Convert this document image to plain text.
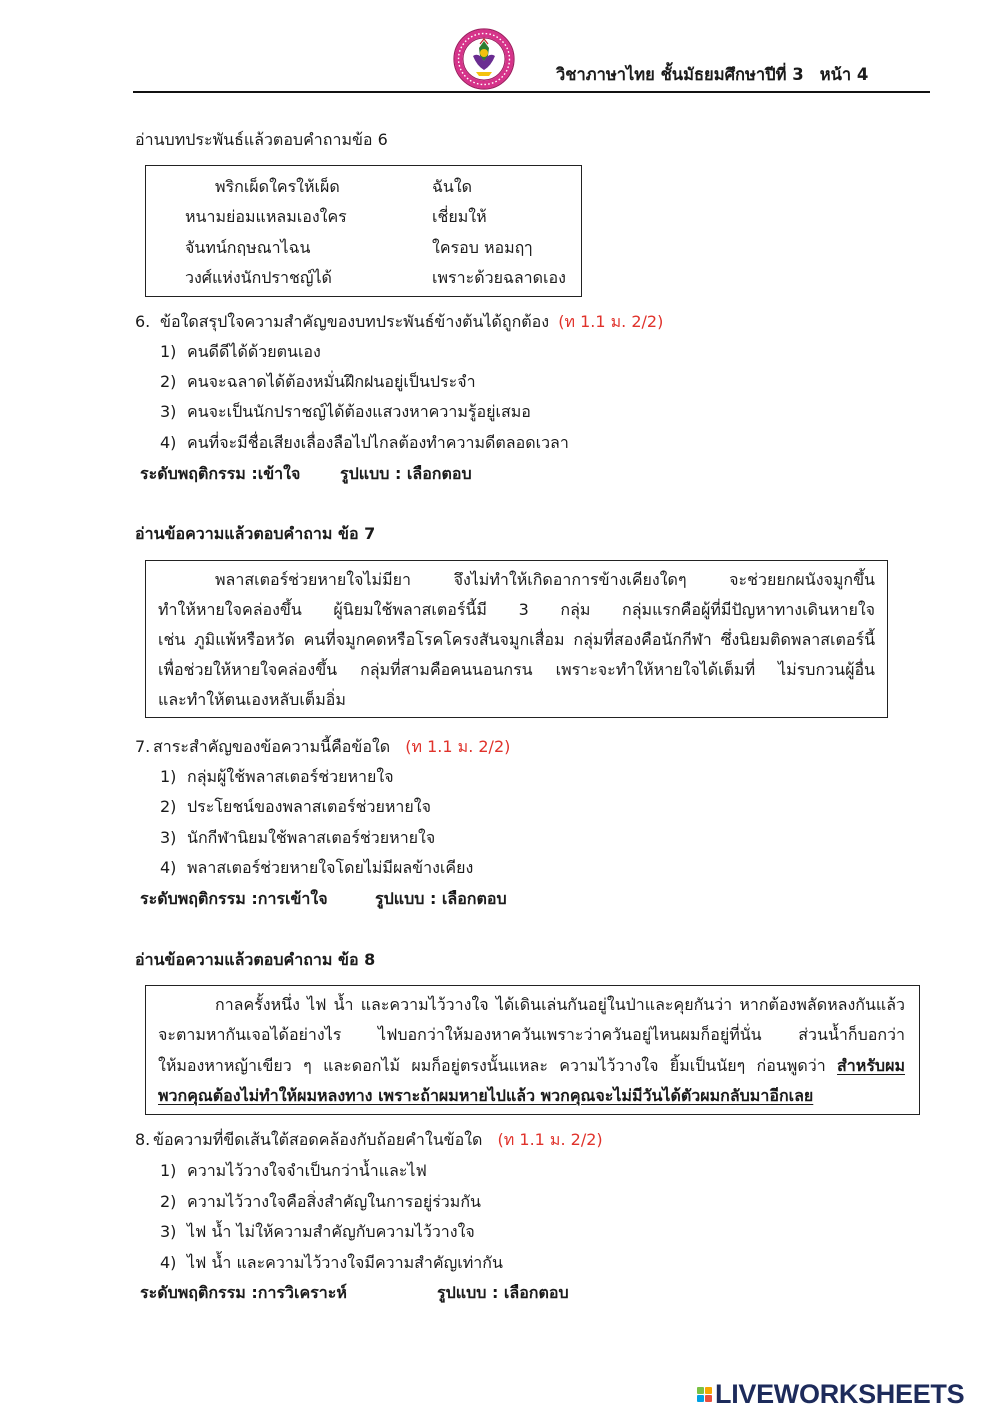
วิชาภาษาไทย ชั้นมัธยมศึกษาปีที่ 3 หน้า 4
อ่านบทประพันธ์แล้วตอบคำถามข้อ 6
พริกเผ็ดใครให้เผ็ด	ฉันใด
หนามย่อมแหลมเองใคร	เชี่ยมให้
จันทน์กฤษณาไฉน	ใครอบ หอมฤๅ
วงศ์แห่งนักปราชญ์ได้	เพราะด้วยฉลาดเอง
6. ข้อใดสรุปใจความสำคัญของบทประพันธ์ข้างต้นได้ถูกต้อง (ท 1.1 ม. 2/2)
1) คนดีดีได้ด้วยตนเอง
2) คนจะฉลาดได้ต้องหมั่นฝึกฝนอยู่เป็นประจำ
3) คนจะเป็นนักปราชญ์ได้ต้องแสวงหาความรู้อยู่เสมอ
4) คนที่จะมีชื่อเสียงเลื่องลือไปไกลต้องทำความดีตลอดเวลา
ระดับพฤติกรรม :เข้าใจ รูปแบบ : เลือกตอบ
อ่านข้อความแล้วตอบคำถาม ข้อ 7
พลาสเตอร์ช่วยหายใจไม่มียา จึงไม่ทำให้เกิดอาการข้างเคียงใดๆ จะช่วยยกผนังจมูกขึ้น
ทำให้หายใจคล่องขึ้น ผู้นิยมใช้พลาสเตอร์นี้มี 3 กลุ่ม กลุ่มแรกคือผู้ที่มีปัญหาทางเดินหายใจ
เช่น ภูมิแพ้หรือหวัด คนที่จมูกคดหรือโรคโครงสันจมูกเสื่อม กลุ่มที่สองคือนักกีฬา ซึ่งนิยมติดพลาสเตอร์นี้
เพื่อช่วยให้หายใจคล่องขึ้น กลุ่มที่สามคือคนนอนกรน เพราะจะทำให้หายใจได้เต็มที่ ไม่รบกวนผู้อื่น
และทำให้ตนเองหลับเต็มอิ่ม
7. สาระสำคัญของข้อความนี้คือข้อใด (ท 1.1 ม. 2/2)
1) กลุ่มผู้ใช้พลาสเตอร์ช่วยหายใจ
2) ประโยชน์ของพลาสเตอร์ช่วยหายใจ
3) นักกีฬานิยมใช้พลาสเตอร์ช่วยหายใจ
4) พลาสเตอร์ช่วยหายใจโดยไม่มีผลข้างเคียง
ระดับพฤติกรรม :การเข้าใจ	รูปแบบ : เลือกตอบ
อ่านข้อความแล้วตอบคำถาม ข้อ 8
กาลครั้งหนึ่ง ไฟ น้ำ และความไว้วางใจ ได้เดินเล่นกันอยู่ในป่าและคุยกันว่า หากต้องพลัดหลงกันแล้ว
จะตามหากันเจอได้อย่างไร ไฟบอกว่าให้มองหาควันเพราะว่าควันอยู่ไหนผมก็อยู่ที่นั่น ส่วนน้ำก็บอกว่า
ให้มองหาหญ้าเขียว ๆ และดอกไม้ ผมก็อยู่ตรงนั้นแหละ ความไว้วางใจ ยิ้มเป็นนัยๆ ก่อนพูดว่า สำหรับผม
พวกคุณต้องไม่ทำให้ผมหลงทาง เพราะถ้าผมหายไปแล้ว พวกคุณจะไม่มีวันได้ตัวผมกลับมาอีกเลย
8. ข้อความที่ขีดเส้นใต้สอดคล้องกับถ้อยคำในข้อใด (ท 1.1 ม. 2/2)
1) ความไว้วางใจจำเป็นกว่าน้ำและไฟ
2) ความไว้วางใจคือสิ่งสำคัญในการอยู่ร่วมกัน
3) ไฟ น้ำ ไม่ให้ความสำคัญกับความไว้วางใจ
4) ไฟ น้ำ และความไว้วางใจมีความสำคัญเท่ากัน
ระดับพฤติกรรม :การวิเคราะห์	รูปแบบ : เลือกตอบ
LIVEWORKSHEETS
